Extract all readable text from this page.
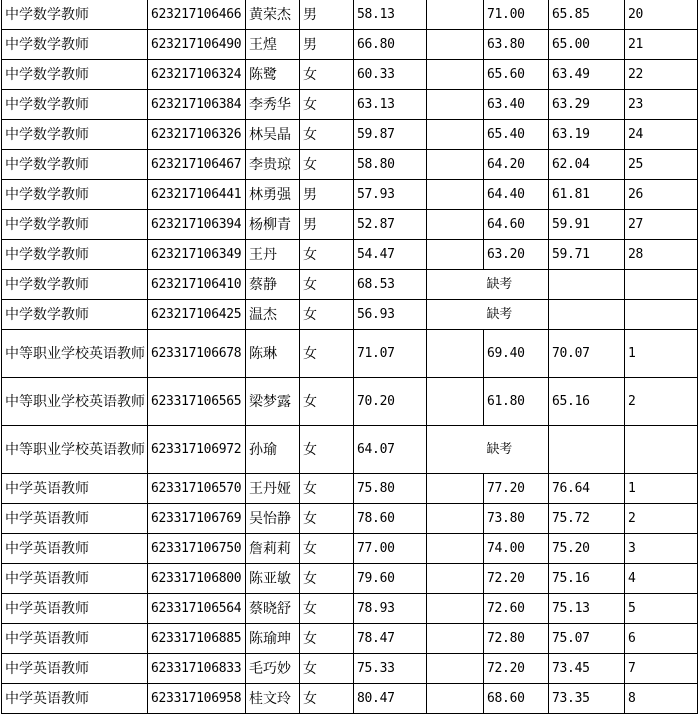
中学数学教师	623217106466	黄荣杰	男	58.13		71.00	65.85	20
中学数学教师	623217106490	王煌	男	66.80		63.80	65.00	21
中学数学教师	623217106324	陈鹭	女	60.33		65.60	63.49	22
中学数学教师	623217106384	李秀华	女	63.13		63.40	63.29	23
中学数学教师	623217106326	林吴晶	女	59.87		65.40	63.19	24
中学数学教师	623217106467	李贵琼	女	58.80		64.20	62.04	25
中学数学教师	623217106441	林勇强	男	57.93		64.40	61.81	26
中学数学教师	623217106394	杨柳青	男	52.87		64.60	59.91	27
中学数学教师	623217106349	王丹	女	54.47		63.20	59.71	28
中学数学教师	623217106410	蔡静	女	68.53		缺考		
中学数学教师	623217106425	温杰	女	56.93		缺考		
中等职业学校英语教师	623317106678	陈琳	女	71.07		69.40	70.07	1
中等职业学校英语教师	623317106565	梁梦露	女	70.20		61.80	65.16	2
中等职业学校英语教师	623317106972	孙瑜	女	64.07		缺考		
中学英语教师	623317106570	王丹娅	女	75.80		77.20	76.64	1
中学英语教师	623317106769	吴怡静	女	78.60		73.80	75.72	2
中学英语教师	623317106750	詹莉莉	女	77.00		74.00	75.20	3
中学英语教师	623317106800	陈亚敏	女	79.60		72.20	75.16	4
中学英语教师	623317106564	蔡晓舒	女	78.93		72.60	75.13	5
中学英语教师	623317106885	陈瑜珅	女	78.47		72.80	75.07	6
中学英语教师	623317106833	毛巧妙	女	75.33		72.20	73.45	7
中学英语教师	623317106958	桂文玲	女	80.47		68.60	73.35	8
